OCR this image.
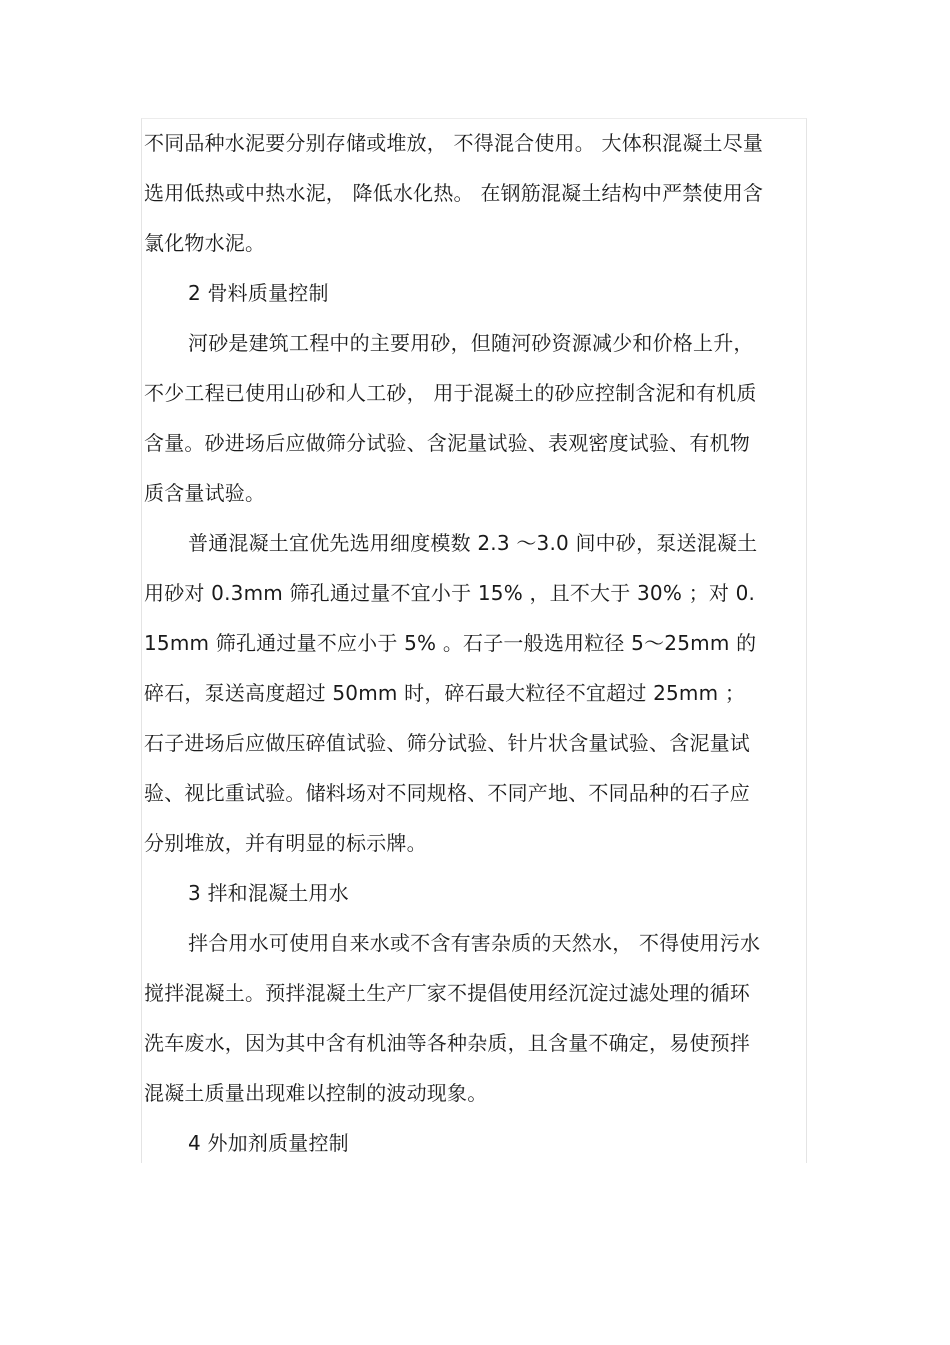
不同品种水泥要分别存储或堆放， 不得混合使用。 大体积混凝土尽量
选用低热或中热水泥， 降低水化热。 在钢筋混凝土结构中严禁使用含
氯化物水泥。
2 骨料质量控制
河砂是建筑工程中的主要用砂，但随河砂资源减少和价格上升，
不少工程已使用山砂和人工砂， 用于混凝土的砂应控制含泥和有机质
含量。砂进场后应做筛分试验、含泥量试验、表观密度试验、有机物
质含量试验。
普通混凝土宜优先选用细度模数 2.3 ～3.0 间中砂，泵送混凝土
用砂对 0.3mm 筛孔通过量不宜小于 15% ，且不大于 30% ；对 0.
15mm 筛孔通过量不应小于 5% 。石子一般选用粒径 5～25mm 的
碎石，泵送高度超过 50mm 时，碎石最大粒径不宜超过 25mm ；
石子进场后应做压碎值试验、筛分试验、针片状含量试验、含泥量试
验、视比重试验。储料场对不同规格、不同产地、不同品种的石子应
分别堆放，并有明显的标示牌。
3 拌和混凝土用水
拌合用水可使用自来水或不含有害杂质的天然水， 不得使用污水
搅拌混凝土。预拌混凝土生产厂家不提倡使用经沉淀过滤处理的循环
洗车废水，因为其中含有机油等各种杂质，且含量不确定，易使预拌
混凝土质量出现难以控制的波动现象。
4 外加剂质量控制
